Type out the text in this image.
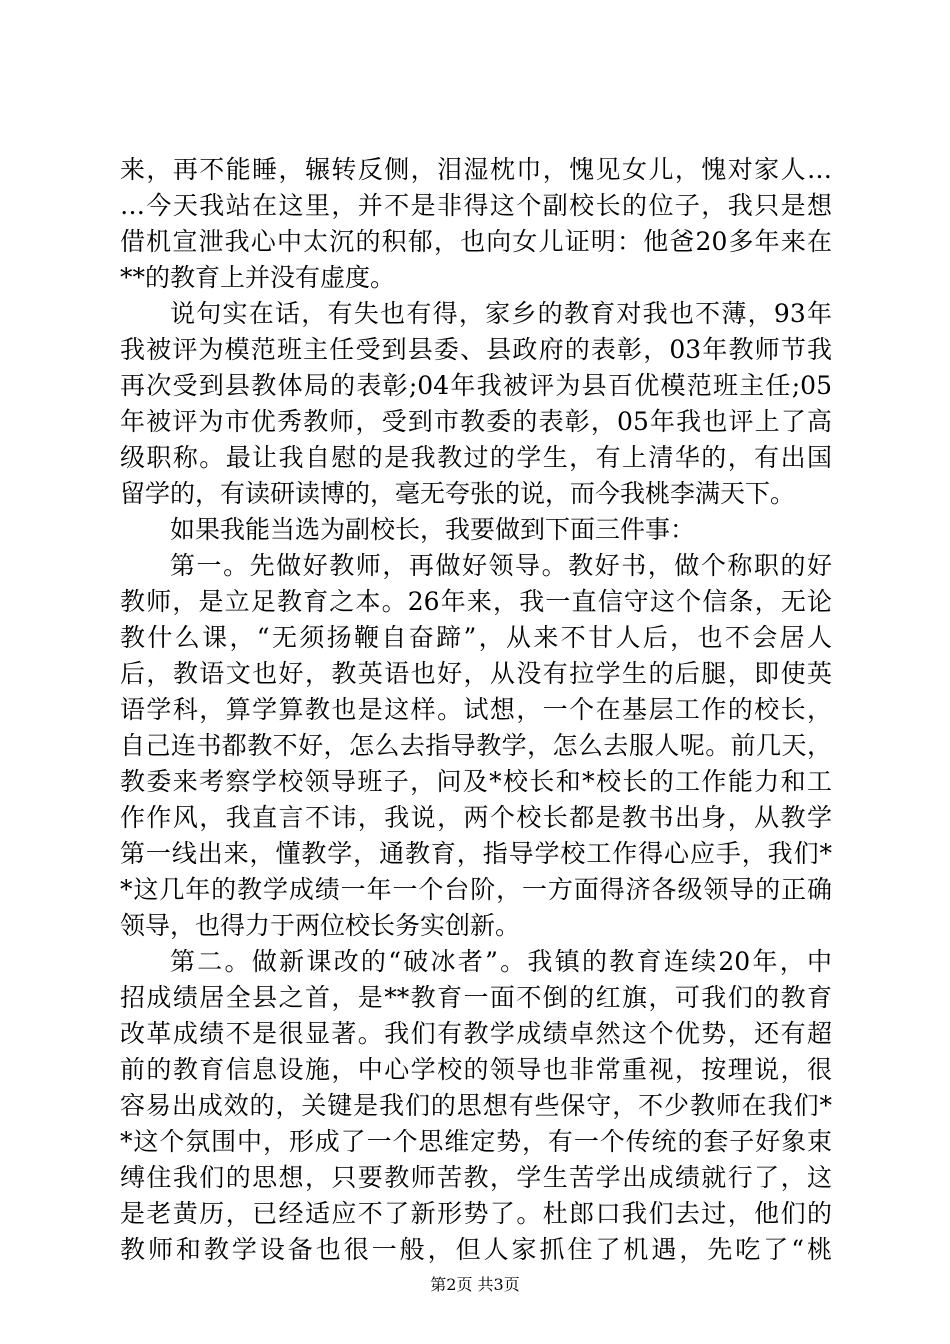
来，再不能睡，辗转反侧，泪湿枕巾，愧见女儿，愧对家人…
…今天我站在这里，并不是非得这个副校长的位子，我只是想
借机宣泄我心中太沉的积郁，也向女儿证明：他爸20多年来在
**的教育上并没有虚度。
说句实在话，有失也有得，家乡的教育对我也不薄，93年
我被评为模范班主任受到县委、县政府的表彰，03年教师节我
再次受到县教体局的表彰;04年我被评为县百优模范班主任;05
年被评为市优秀教师，受到市教委的表彰，05年我也评上了高
级职称。最让我自慰的是我教过的学生，有上清华的，有出国
留学的，有读研读博的，毫无夸张的说，而今我桃李满天下。
如果我能当选为副校长，我要做到下面三件事：
第一。先做好教师，再做好领导。教好书，做个称职的好
教师，是立足教育之本。26年来，我一直信守这个信条，无论
教什么课，“无须扬鞭自奋蹄”，从来不甘人后，也不会居人
后，教语文也好，教英语也好，从没有拉学生的后腿，即使英
语学科，算学算教也是这样。试想，一个在基层工作的校长，
自己连书都教不好，怎么去指导教学，怎么去服人呢。前几天，
教委来考察学校领导班子，问及*校长和*校长的工作能力和工
作作风，我直言不讳，我说，两个校长都是教书出身，从教学
第一线出来，懂教学，通教育，指导学校工作得心应手，我们*
*这几年的教学成绩一年一个台阶，一方面得济各级领导的正确
领导，也得力于两位校长务实创新。
第二。做新课改的“破冰者”。我镇的教育连续20年，中
招成绩居全县之首，是**教育一面不倒的红旗，可我们的教育
改革成绩不是很显著。我们有教学成绩卓然这个优势，还有超
前的教育信息设施，中心学校的领导也非常重视，按理说，很
容易出成效的，关键是我们的思想有些保守，不少教师在我们*
*这个氛围中，形成了一个思维定势，有一个传统的套子好象束
缚住我们的思想，只要教师苦教，学生苦学出成绩就行了，这
是老黄历，已经适应不了新形势了。杜郎口我们去过，他们的
教师和教学设备也很一般，但人家抓住了机遇，先吃了“桃
第2页 共3页
